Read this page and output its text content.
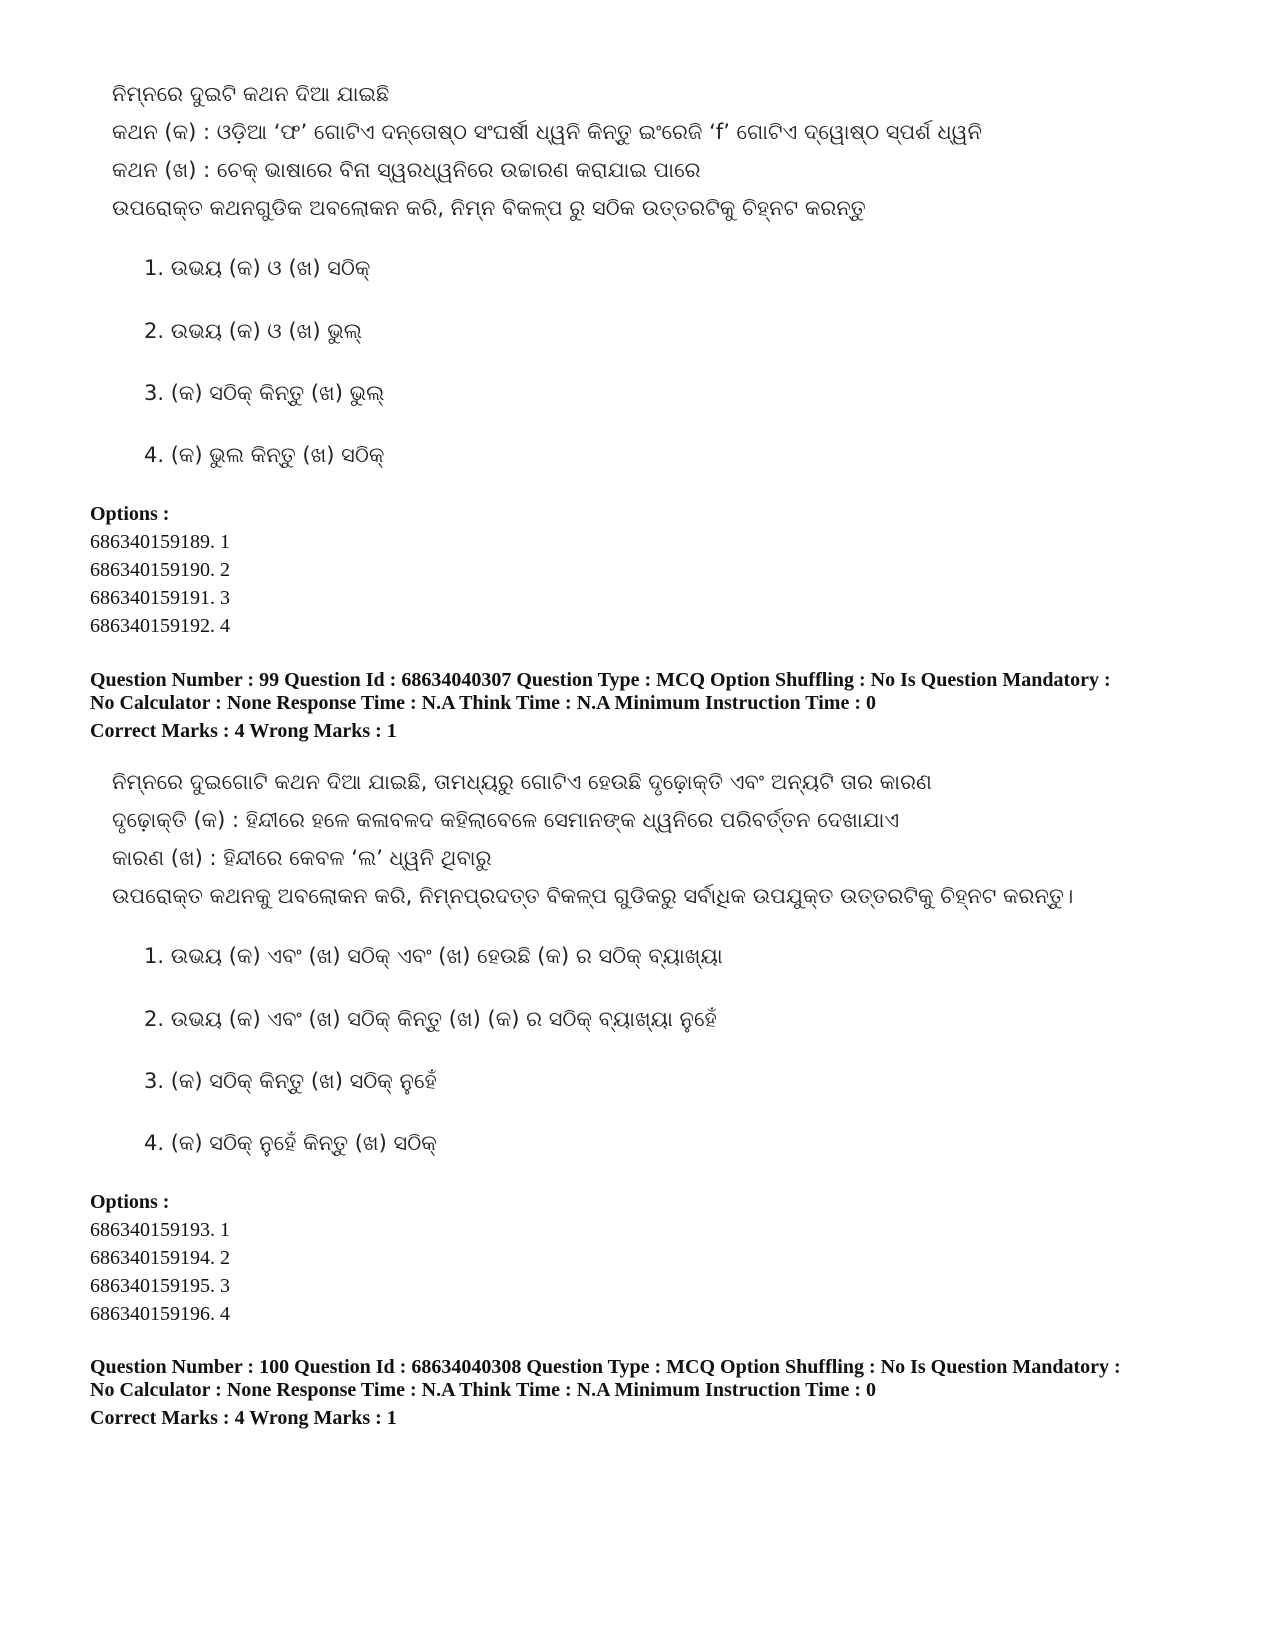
ନିମ୍ନରେ ଦୁଇଟି କଥନ ଦିଆ ଯାଇଛି
କଥନ (କ) : ଓଡ଼ିଆ ‘ଫ’ ଗୋଟିଏ ଦନ୍ତୋଷ୍ଠ ସଂଘର୍ଷୀ ଧ୍ୱନି କିନ୍ତୁ ଇଂରେଜି ‘f’ ଗୋଟିଏ ଦ୍ୱୋଷ୍ଠ ସ୍ପର୍ଶ ଧ୍ୱନି
କଥନ (ଖ) : ଚେକ୍ ଭାଷାରେ ବିନା ସ୍ୱରଧ୍ୱନିରେ ଉଚ୍ଚାରଣ କରାଯାଇ ପାରେ
ଉପରୋକ୍ତ କଥନଗୁଡିକ ଅବଲୋକନ କରି, ନିମ୍ନ ବିକଳ୍ପ ରୁ ସଠିକ ଉତ୍ତରଟିକୁ ଚିହ୍ନଟ କରନ୍ତୁ
1. ଉଭୟ (କ) ଓ (ଖ) ସଠିକ୍
2. ଉଭୟ (କ) ଓ (ଖ) ଭୁଲ୍
3. (କ) ସଠିକ୍ କିନ୍ତୁ (ଖ) ଭୁଲ୍
4. (କ) ଭୁଲ କିନ୍ତୁ (ଖ) ସଠିକ୍
Options :
686340159189. 1
686340159190. 2
686340159191. 3
686340159192. 4
Question Number : 99 Question Id : 68634040307 Question Type : MCQ Option Shuffling : No Is Question Mandatory :
No Calculator : None Response Time : N.A Think Time : N.A Minimum Instruction Time : 0
Correct Marks : 4 Wrong Marks : 1
ନିମ୍ନରେ ଦୁଇଗୋଟି କଥନ ଦିଆ ଯାଇଛି, ତାମଧ୍ୟରୁ ଗୋଟିଏ ହେଉଛି ଦୃଢ଼ୋକ୍ତି ଏବଂ ଅନ୍ୟଟି ତାର କାରଣ
ଦୃଢ଼ୋକ୍ତି (କ) : ହିନ୍ଦୀରେ ହଳେ କଳାବଳଦ କହିଲାବେଳେ ସେମାନଙ୍କ ଧ୍ୱନିରେ ପରିବର୍ତ୍ତନ ଦେଖାଯାଏ
କାରଣ (ଖ) : ହିନ୍ଦୀରେ କେବଳ ‘ଲ’ ଧ୍ୱନି ଥିବାରୁ
ଉପରୋକ୍ତ କଥନକୁ ଅବଲୋକନ କରି, ନିମ୍ନପ୍ରଦତ୍ତ ବିକଳ୍ପ ଗୁଡିକରୁ ସର୍ବାଧିକ ଉପଯୁକ୍ତ ଉତ୍ତରଟିକୁ ଚିହ୍ନଟ କରନ୍ତୁ।
1. ଉଭୟ (କ) ଏବଂ (ଖ) ସଠିକ୍ ଏବଂ (ଖ) ହେଉଛି (କ) ର ସଠିକ୍ ବ୍ୟାଖ୍ୟା
2. ଉଭୟ (କ) ଏବଂ (ଖ) ସଠିକ୍ କିନ୍ତୁ (ଖ) (କ) ର ସଠିକ୍ ବ୍ୟାଖ୍ୟା ନୁହେଁ
3. (କ) ସଠିକ୍ କିନ୍ତୁ (ଖ) ସଠିକ୍ ନୁହେଁ
4. (କ) ସଠିକ୍ ନୁହେଁ କିନ୍ତୁ (ଖ) ସଠିକ୍
Options :
686340159193. 1
686340159194. 2
686340159195. 3
686340159196. 4
Question Number : 100 Question Id : 68634040308 Question Type : MCQ Option Shuffling : No Is Question Mandatory :
No Calculator : None Response Time : N.A Think Time : N.A Minimum Instruction Time : 0
Correct Marks : 4 Wrong Marks : 1
